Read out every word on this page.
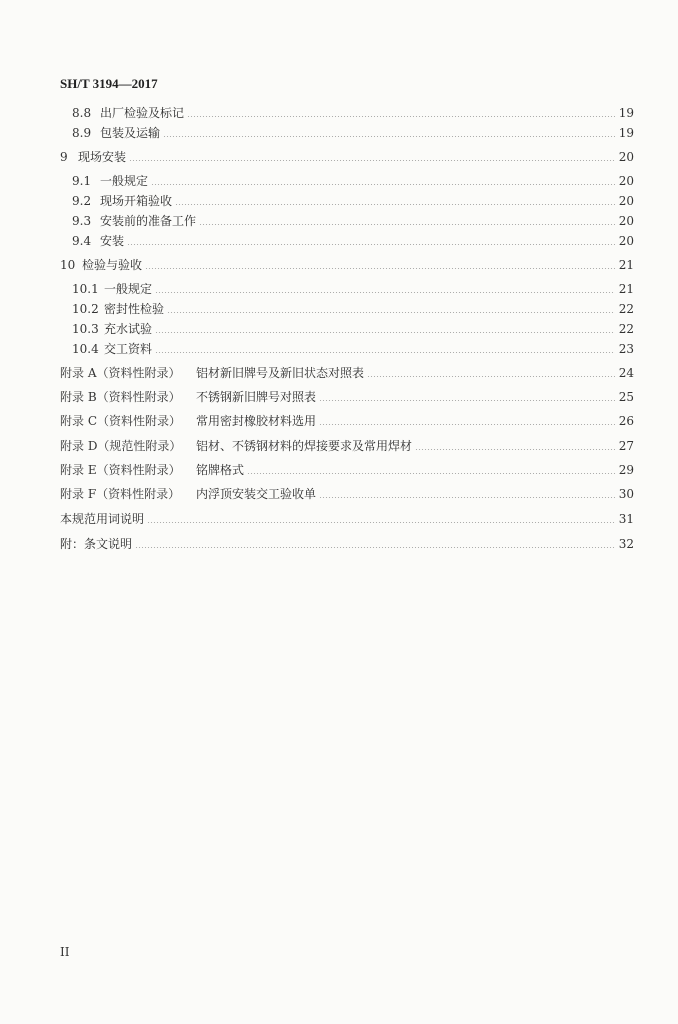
SH/T 3194—2017
8.8 出厂检验及标记	19
8.9 包装及运输	19
9 现场安装	20
9.1 一般规定	20
9.2 现场开箱验收	20
9.3 安装前的准备工作	20
9.4 安装	20
10 检验与验收	21
10.1 一般规定	21
10.2 密封性检验	22
10.3 充水试验	22
10.4 交工资料	23
附录 A（资料性附录）	铝材新旧牌号及新旧状态对照表	24
附录 B（资料性附录）	不锈钢新旧牌号对照表	25
附录 C（资料性附录）	常用密封橡胶材料选用	26
附录 D（规范性附录）	铝材、不锈钢材料的焊接要求及常用焊材	27
附录 E（资料性附录）	铭牌格式	29
附录 F（资料性附录）	内浮顶安装交工验收单	30
本规范用词说明	31
附：条文说明	32
II
